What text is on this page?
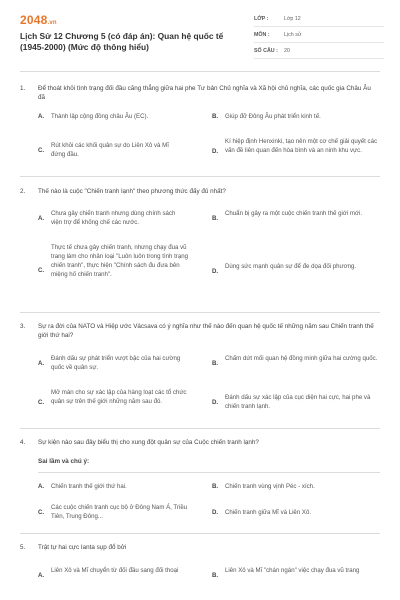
2048.vn
Lịch Sử 12 Chương 5 (có đáp án): Quan hệ quốc tế (1945-2000) (Mức độ thông hiểu)
LỚP :	Lớp 12
MÔN :	Lịch sử
SỐ CÂU : 20
1. Để thoát khỏi tình trạng đối đầu căng thẳng giữa hai phe Tư bản Chủ nghĩa và Xã hội chủ nghĩa, các quốc gia Châu Âu đã
A. Thành lập cộng đồng châu Âu (EC).	B. Giúp đỡ Đông Âu phát triển kinh tế.
C.
Rút khỏi các khối quân sự do Liên Xô và Mĩ đứng đầu.	D.
Kí hiệp định Henxinki, tạo nên một cơ chế giải quyết các vấn đề liên quan đến hòa bình và an ninh khu vực.
2. Thế nào là cuộc "Chiến tranh lạnh" theo phương thức đấy đủ nhất?
A.
Chưa gây chiến tranh nhưng dùng chính sách viện trợ để khống chế các nước.
B.
Chuẩn bị gây ra một cuộc chiến tranh thế giới mới.
C.
Thực tế chưa gây chiến tranh, nhưng chạy đua vũ trang làm cho nhân loại "Luôn luôn trong tình trạng chiến tranh", thực hiện "Chính sách đu đưa bên miệng hố chiến tranh".	D.
Dùng sức mạnh quân sự để đe dọa đối phương.
3. Sự ra đời của NATO và Hiệp ước Vácsava có ý nghĩa như thế nào đến quan hệ quốc tế những năm sau Chiến tranh thế giới thứ hai?
A.
Đánh dấu sự phát triển vượt bậc của hai cường quốc về quân sự.
B.
Chấm dứt mối quan hệ đồng minh giữa hai cường quốc.
C.
Mở màn cho sự xác lập của hàng loạt các tổ chức quân sự trên thế giới những năm sau đó.	D.
Đánh dấu sự xác lập của cục diện hai cực, hai phe và chiến tranh lạnh.
4. Sự kiện nào sau đây biểu thị cho xung đột quân sự của Cuộc chiến tranh lạnh?
Sai lầm và chú ý:
A. Chiến tranh thế giới thứ hai.	B. Chiến tranh vùng vịnh Péc - xích.
C.
Các cuộc chiến tranh cục bộ ở Đông Nam Á, Triều Tiên, Trung Đông...
D. Chiến tranh giữa Mĩ và Liên Xô.
5. Trật tự hai cực Ianta sụp đổ bởi
A.
Liên Xô và Mĩ chuyển từ đối đầu sang đối thoại
B.
Liên Xô và Mĩ "chán ngán" việc chạy đua vũ trang
